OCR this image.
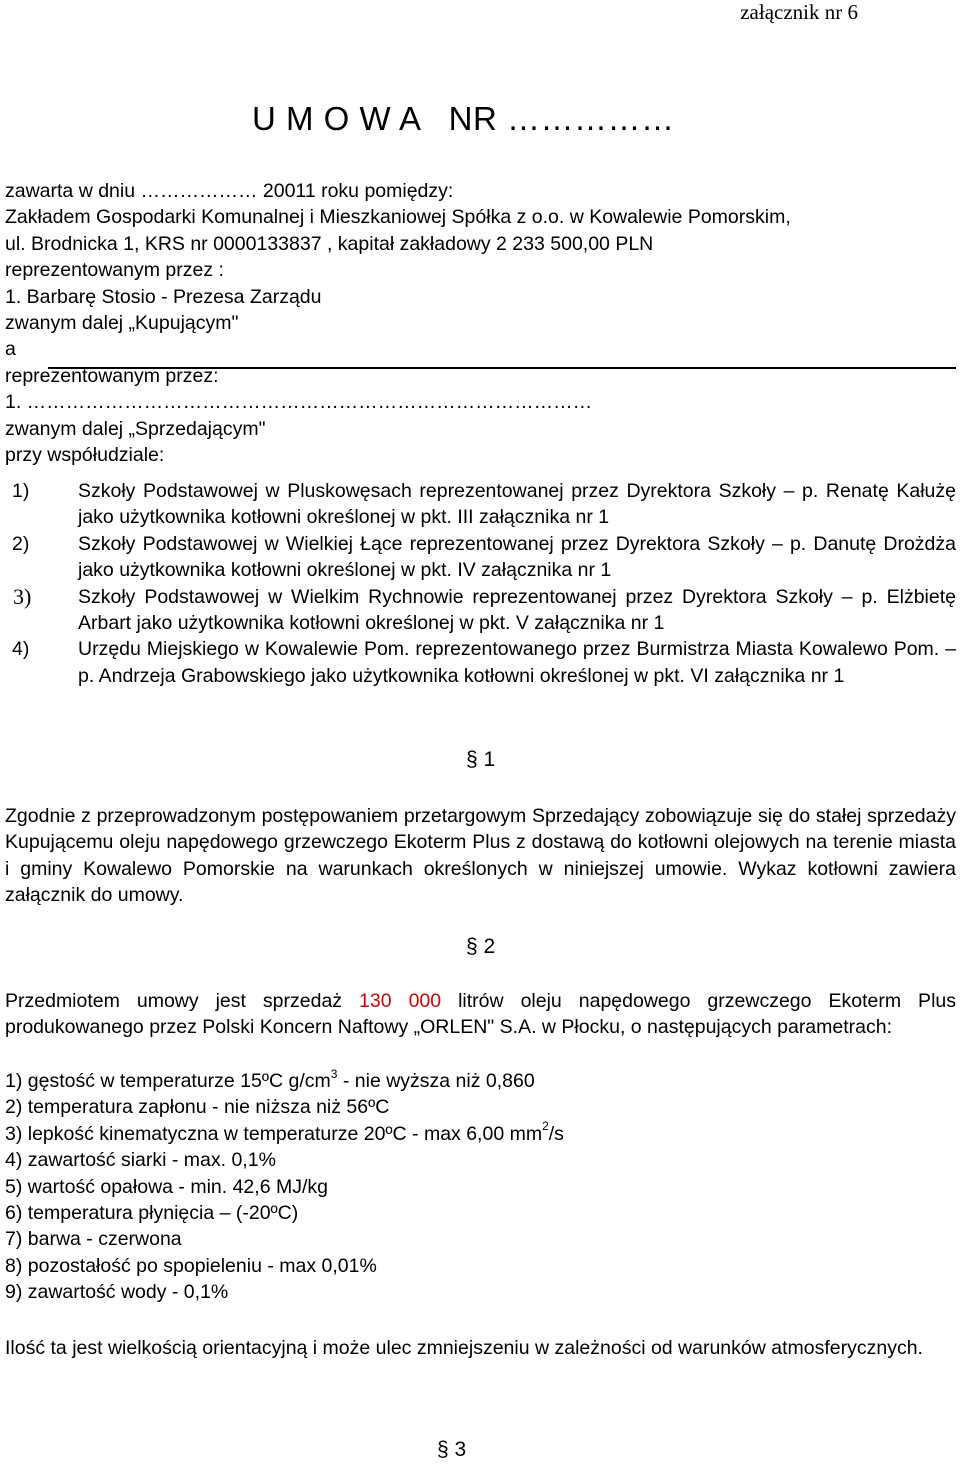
załącznik nr 6
U M O W A   NR ……………
zawarta w dniu ……………… 20011 roku pomiędzy:
Zakładem Gospodarki Komunalnej i Mieszkaniowej Spółka z o.o. w Kowalewie Pomorskim,
ul. Brodnicka 1, KRS nr 0000133837 , kapitał zakładowy 2 233 500,00 PLN
reprezentowanym przez :
1. Barbarę Stosio - Prezesa Zarządu
zwanym dalej „Kupującym"
a
reprezentowanym przez:
1. ……………………………………………………………………………
zwanym dalej „Sprzedającym"
przy współudziale:
1) Szkoły Podstawowej w Pluskowęsach reprezentowanej przez Dyrektora Szkoły – p. Renatę Kałużę jako użytkownika kotłowni określonej w pkt. III załącznika nr 1

2) Szkoły Podstawowej w Wielkiej Łące reprezentowanej przez Dyrektora Szkoły – p. Danutę Drożdża jako użytkownika kotłowni określonej w pkt. IV załącznika nr 1

3) Szkoły Podstawowej w Wielkim Rychnowie reprezentowanej przez Dyrektora Szkoły – p. Elżbietę Arbart jako użytkownika kotłowni określonej w pkt. V załącznika nr 1

4) Urzędu Miejskiego w Kowalewie Pom. reprezentowanego przez Burmistrza Miasta Kowalewo Pom. – p. Andrzeja Grabowskiego jako użytkownika kotłowni określonej w pkt. VI załącznika nr 1

§ 1

Zgodnie z przeprowadzonym postępowaniem przetargowym Sprzedający zobowiązuje się do stałej sprzedaży Kupującemu oleju napędowego grzewczego Ekoterm Plus z dostawą do kotłowni olejowych na terenie miasta i gminy Kowalewo Pomorskie na warunkach określonych w niniejszej umowie. Wykaz kotłowni zawiera załącznik do umowy.

§ 2

Przedmiotem umowy jest sprzedaż 130 000 litrów oleju napędowego grzewczego Ekoterm Plus produkowanego przez Polski Koncern Naftowy „ORLEN" S.A. w Płocku, o następujących parametrach:

1) gęstość w temperaturze 15ºC $g/cm^3$ - nie wyższa niż 0,860
2) temperatura zapłonu - nie niższa niż 56ºC
3) lepkość kinematyczna w temperaturze 20ºC - max 6,00 $mm^2/s$
4) zawartość siarki - max. 0,1%
5) wartość opałowa - min. 42,6 MJ/kg
6) temperatura płynięcia – (-20ºC)
7) barwa - czerwona
8) pozostałość po spopieleniu - max 0,01%
9) zawartość wody - 0,1%

Ilość ta jest wielkością orientacyjną i może ulec zmniejszeniu w zależności od warunków atmosferycznych.

§ 3
